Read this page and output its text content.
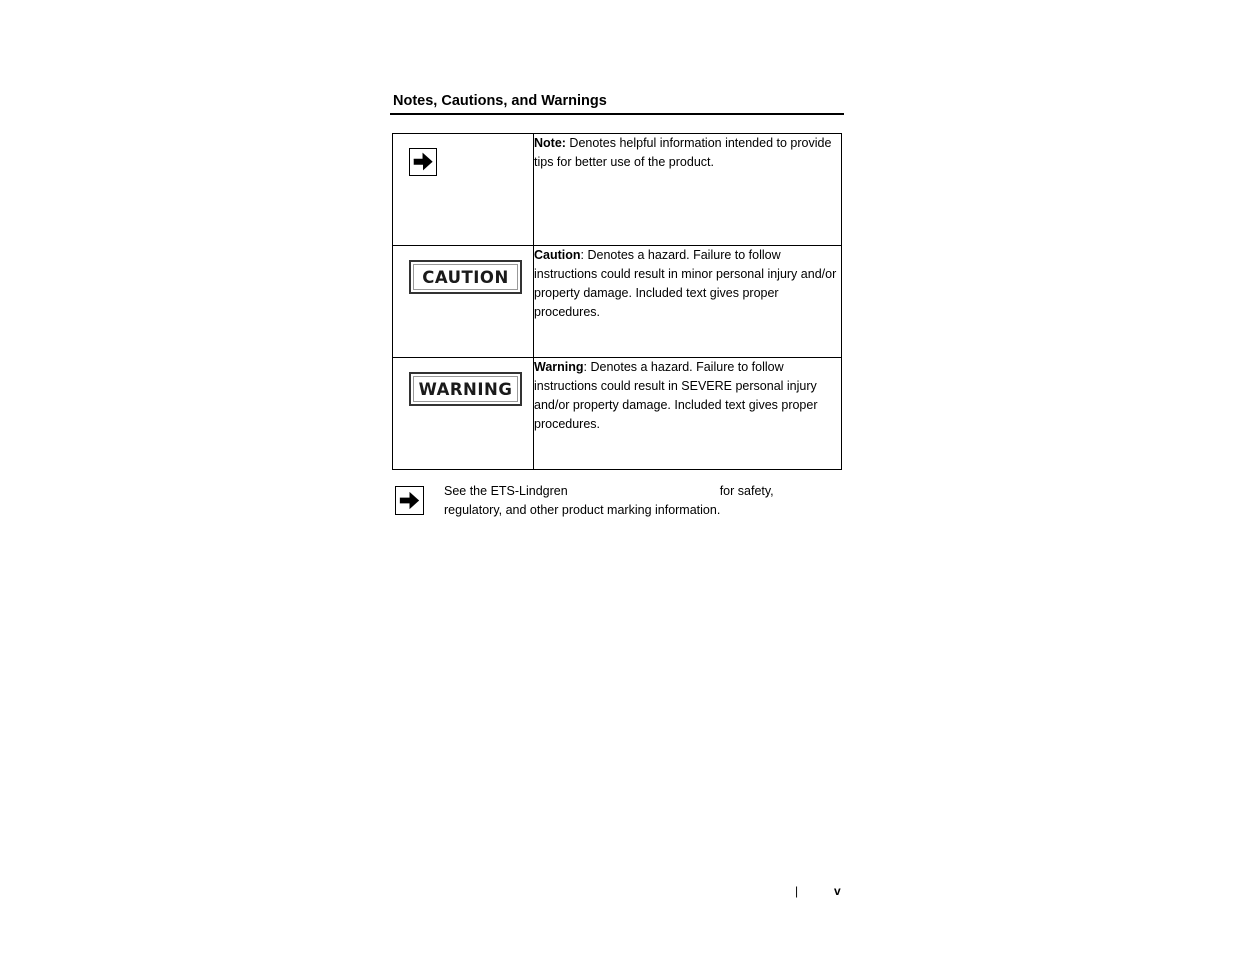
Notes, Cautions, and Warnings
	Note: Denotes helpful information intended to provide tips for better use of the product.

CAUTION	Caution: Denotes a hazard. Failure to follow instructions could result in minor personal injury and/or property damage. Included text gives proper procedures.

WARNING	Warning: Denotes a hazard. Failure to follow instructions could result in SEVERE personal injury and/or property damage. Included text gives proper procedures.
See the ETS-Lindgren	for safety, regulatory, and other product marking information.
|	v
